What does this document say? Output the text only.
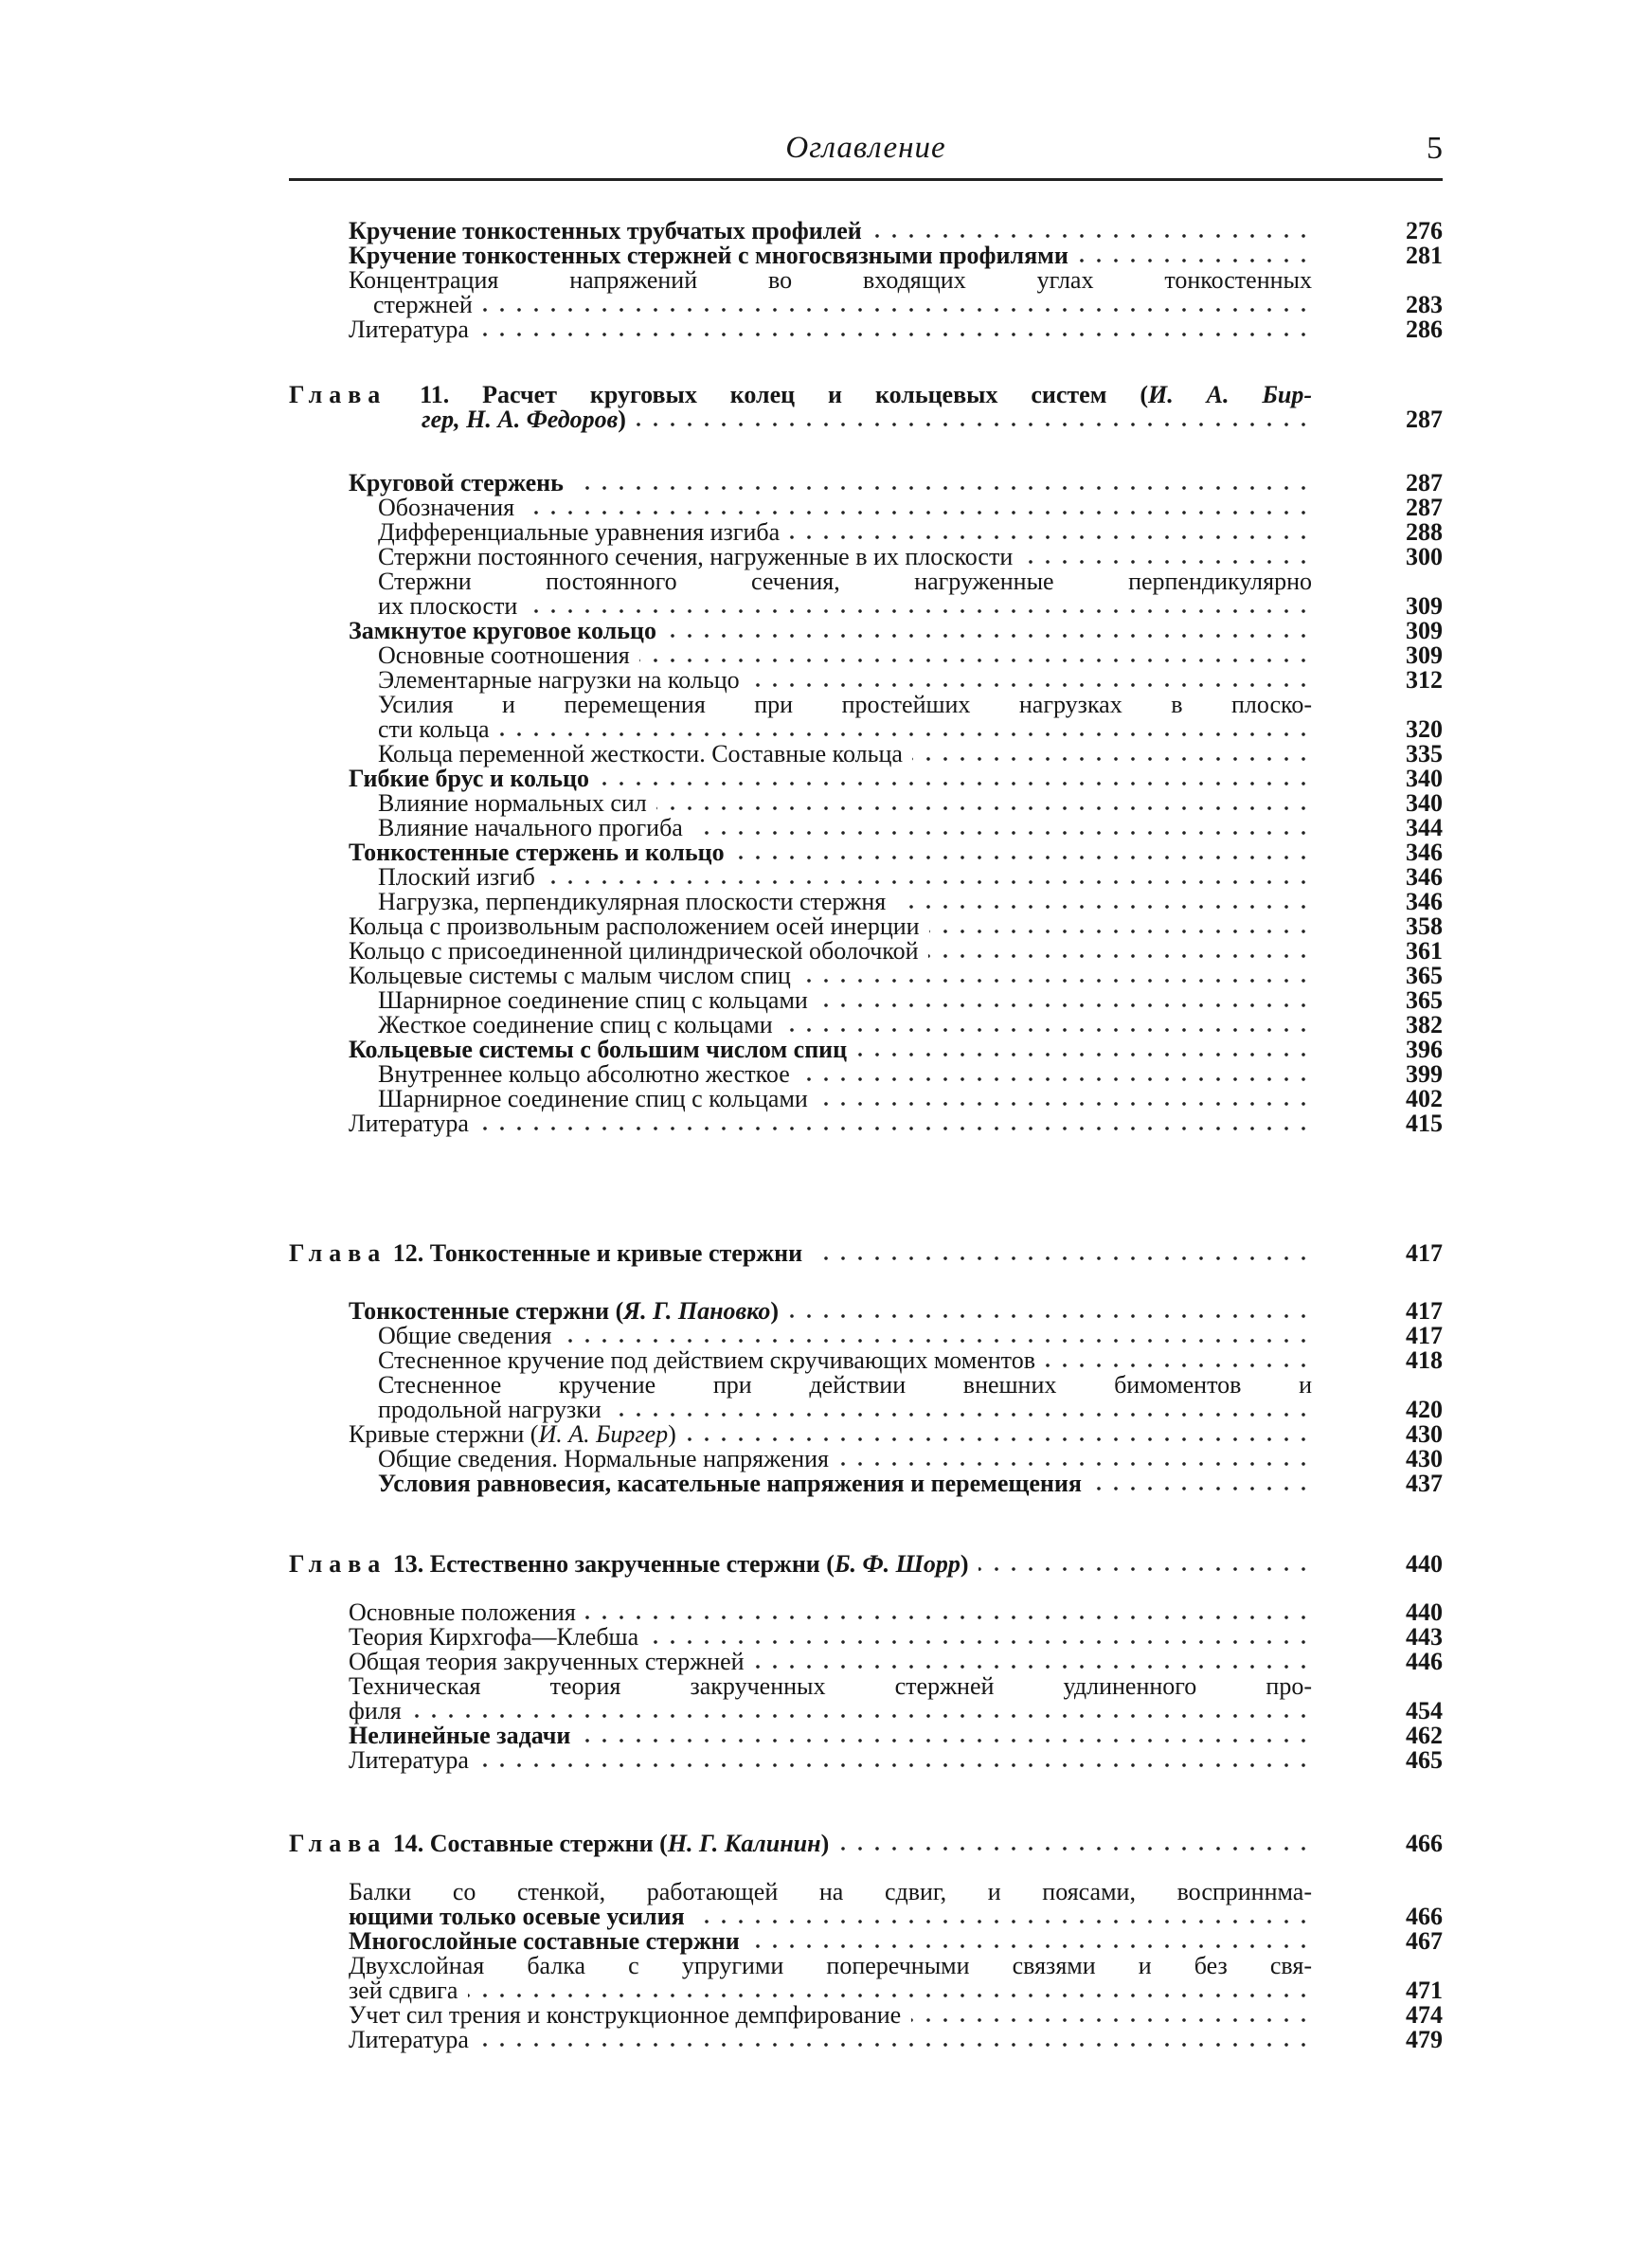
Оглавление	5
Кручение тонкостенных трубчатых профилей	276
Кручение тонкостенных стержней с многосвязными профилями	281
Концентрация напряжений во входящих углах тонкостенных
стержней	283
Литература	286
Глава 11. Расчет круговых колец и кольцевых систем (И. А. Бир-
гер, Н. А. Федоров)	287
Круговой стержень	287
Обозначения	287
Дифференциальные уравнения изгиба	288
Стержни постоянного сечения, нагруженные в их плоскости	300
Стержни постоянного сечения, нагруженные перпендикулярно
их плоскости	309
Замкнутое круговое кольцо	309
Основные соотношения	309
Элементарные нагрузки на кольцо	312
Усилия и перемещения при простейших нагрузках в плоско-
сти кольца	320
Кольца переменной жесткости. Составные кольца	335
Гибкие брус и кольцо	340
Влияние нормальных сил	340
Влияние начального прогиба	344
Тонкостенные стержень и кольцо	346
Плоский изгиб	346
Нагрузка, перпендикулярная плоскости стержня	346
Кольца с произвольным расположением осей инерции	358
Кольцо с присоединенной цилиндрической оболочкой	361
Кольцевые системы с малым числом спиц	365
Шарнирное соединение спиц с кольцами	365
Жесткое соединение спиц с кольцами	382
Кольцевые системы с большим числом спиц	396
Внутреннее кольцо абсолютно жесткое	399
Шарнирное соединение спиц с кольцами	402
Литература	415
Глава 12. Тонкостенные и кривые стержни	417
Тонкостенные стержни (Я. Г. Пановко)	417
Общие сведения	417
Стесненное кручение под действием скручивающих моментов	418
Стесненное кручение при действии внешних бимоментов и
продольной нагрузки	420
Кривые стержни (И. А. Биргер)	430
Общие сведения. Нормальные напряжения	430
Условия равновесия, касательные напряжения и перемещения	437
Глава 13. Естественно закрученные стержни (Б. Ф. Шорр)	440
Основные положения	440
Теория Кирхгофа—Клебша	443
Общая теория закрученных стержней	446
Техническая теория закрученных стержней удлиненного про-
филя	454
Нелинейные задачи	462
Литература	465
Глава 14. Составные стержни (Н. Г. Калинин)	466
Балки со стенкой, работающей на сдвиг, и поясами, восприннма-
ющими только осевые усилия	466
Многослойные составные стержни	467
Двухслойная балка с упругими поперечными связями и без свя-
зей сдвига	471
Учет сил трения и конструкционное демпфирование	474
Литература	479
